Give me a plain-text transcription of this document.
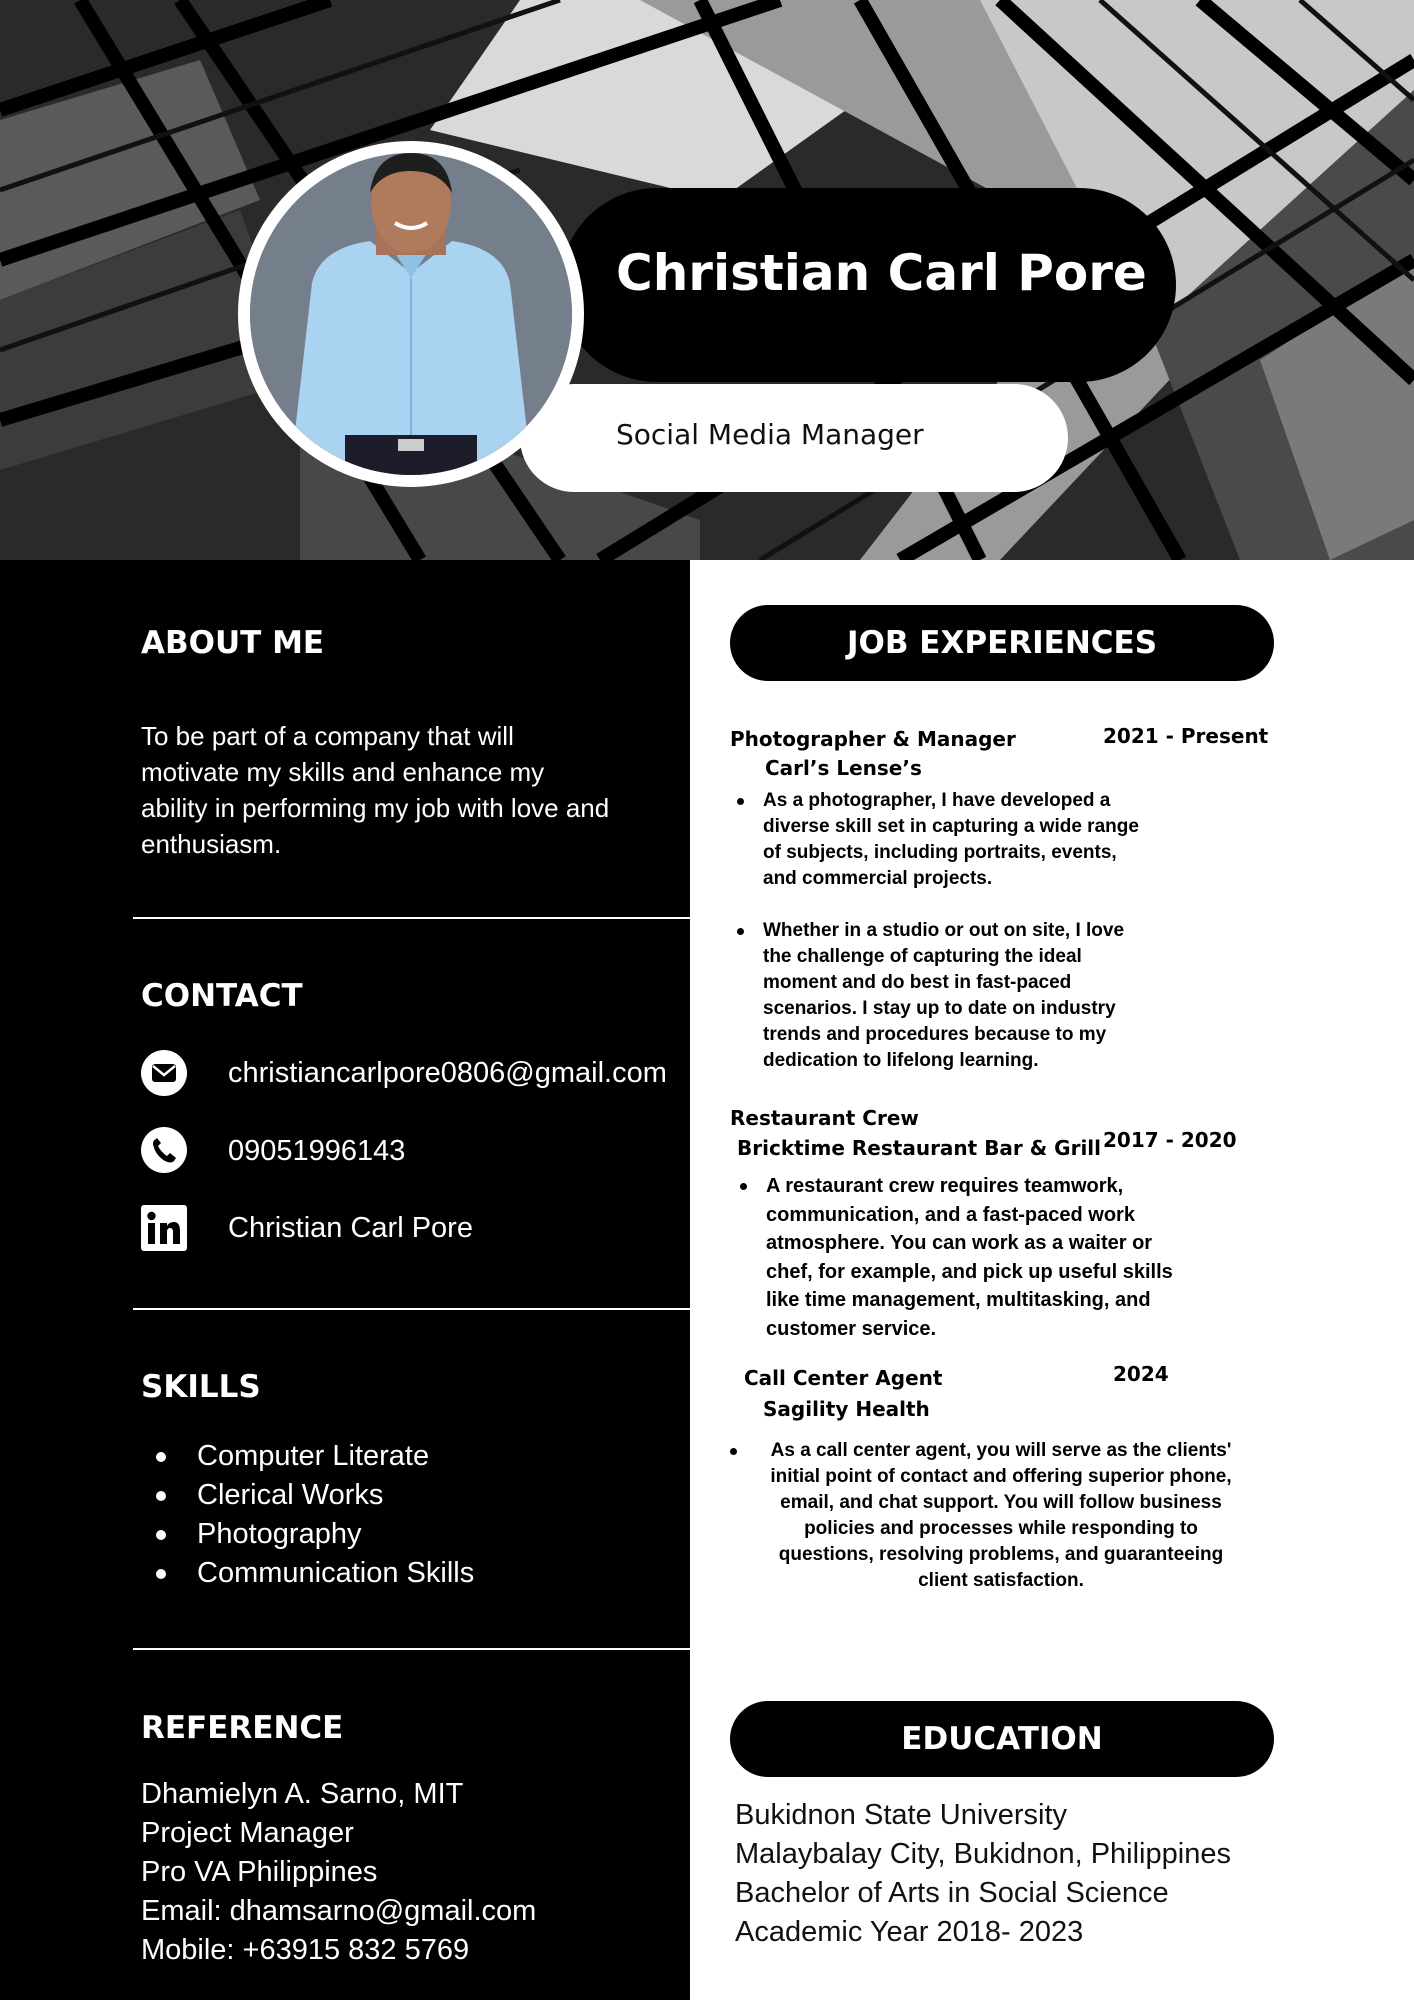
Christian Carl Pore
Social Media Manager
ABOUT ME
To be part of a company that will motivate my skills and enhance my ability in performing my job with love and enthusiasm.
CONTACT
christiancarlpore0806@gmail.com
09051996143
Christian Carl Pore
SKILLS
Computer Literate
Clerical Works
Photography
Communication Skills
REFERENCE
Dhamielyn A. Sarno, MIT
Project Manager
Pro VA Philippines
Email: dhamsarno@gmail.com
Mobile: +63915 832 5769
JOB EXPERIENCES
Photographer & Manager	2021 - Present
Carl’s Lense’s
As a photographer, I have developed a diverse skill set in capturing a wide range of subjects, including portraits, events, and commercial projects.
Whether in a studio or out on site, I love the challenge of capturing the ideal moment and do best in fast-paced scenarios. I stay up to date on industry trends and procedures because to my dedication to lifelong learning.
Restaurant Crew
Bricktime Restaurant Bar & Grill 2017 - 2020
A restaurant crew requires teamwork, communication, and a fast-paced work atmosphere. You can work as a waiter or chef, for example, and pick up useful skills like time management, multitasking, and customer service.
Call Center Agent	2024
Sagility Health
As a call center agent, you will serve as the clients' initial point of contact and offering superior phone, email, and chat support. You will follow business policies and processes while responding to questions, resolving problems, and guaranteeing client satisfaction.
EDUCATION
Bukidnon State University
Malaybalay City, Bukidnon, Philippines
Bachelor of Arts in Social Science
Academic Year 2018- 2023
